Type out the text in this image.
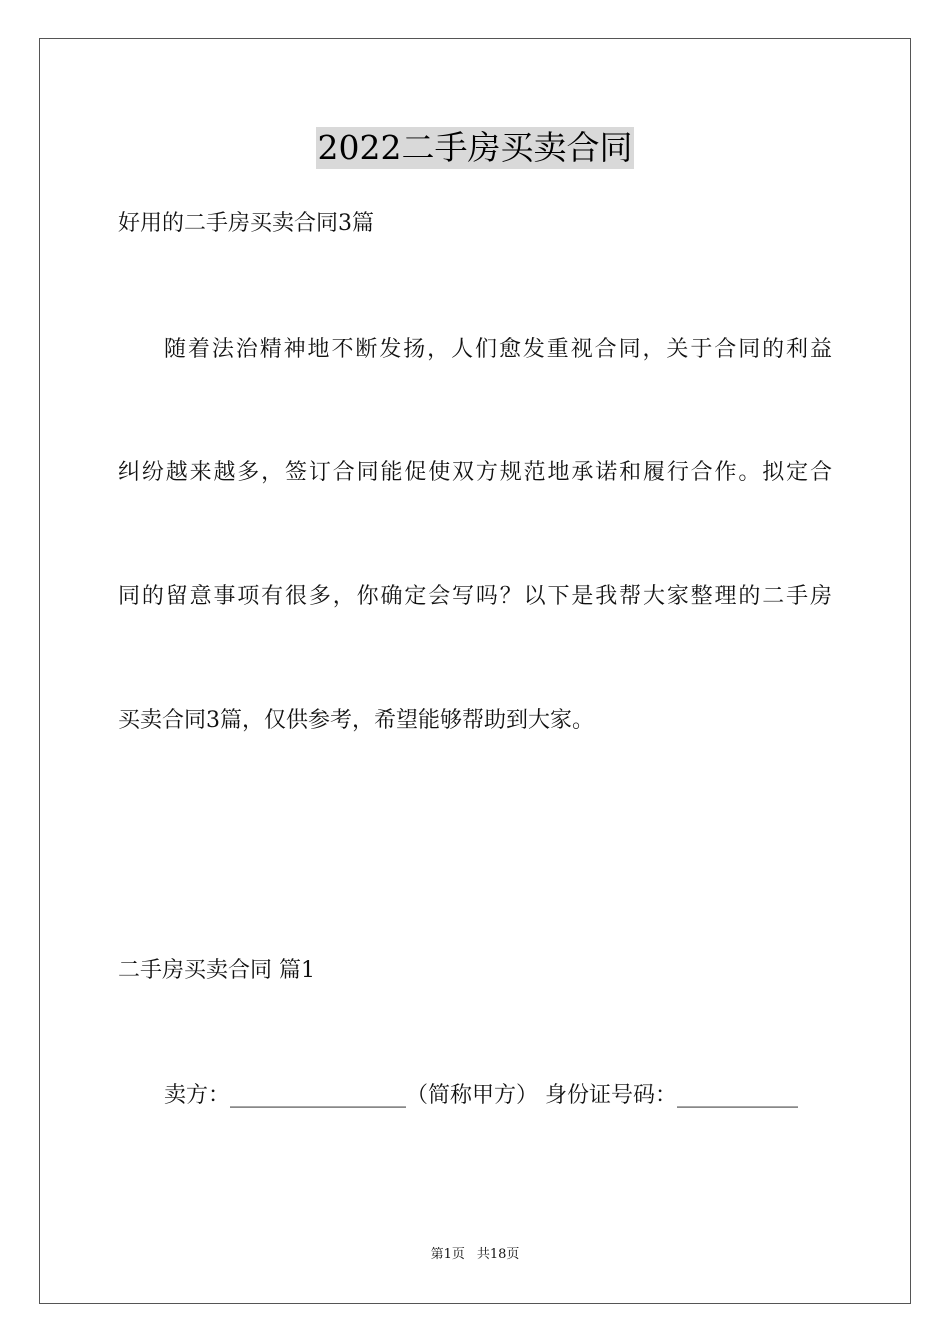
2022二手房买卖合同
好用的二手房买卖合同3篇
随着法治精神地不断发扬，人们愈发重视合同，关于合同的利益
纠纷越来越多，签订合同能促使双方规范地承诺和履行合作。拟定合
同的留意事项有很多，你确定会写吗？以下是我帮大家整理的二手房
买卖合同3篇，仅供参考，希望能够帮助到大家。
二手房买卖合同 篇1
卖方：________________（简称甲方） 身份证号码：___________
第1页 共18页
